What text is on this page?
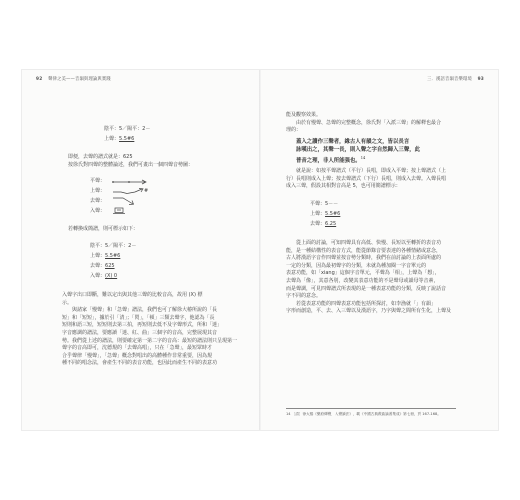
92 聲律之美——音韻與理論與實踐
陰平：5／陽平：2－
上聲：5.5#6
即便，去聲的譜式就是：625
按徐氏對四聲的整體論述，我們可畫出一個四聲音勢圖：
平聲：
上聲：	#
去聲：
入聲：
若轉換成簡譜，則可標示如下：
陰平：5／陽平：2－
上聲：5.5#6
去聲：625
入聲：(X) 0
入聲字出口即斷，難以定出與其他三聲的比較音高，故用 (X) 標
示。
　　與諸家「慢聲」和「急聲」譜法，我們也可了解徐大椿所說的「長
短」和「短短」，據於引「清」；「閃」，「頓」三類去聲字，他認為「長
短則和語三短，短短則去第三拍，再短則去低不及字聲形式，所和「迷」
字音應調的譜法，要應讀「迷、紅、曲」三個字的音高，完整展現其音
勢。我們從上述的譜法，則要確定第一第二字的音高：最短的譜法則只呈現第一
聲字的音高即可，沈德規的「去聲高唱」，只在「急聲」，最短眾時才
合乎聲律「慢聲」，「急聲」概念對唱出的高體種作非常重要，因為規
種不同的唱念法，會產生不同的表音功能，也因此而產生不同的表意功
三．漢語音韻音樂環境 93
能及觀察效果。
　　由於有慢聲、急聲的完整概念，徐氏對「入派三聲」的解釋也最合
理的：
蓋入之讀作三聲者，緣古人有韻之文，皆以長言
詠嘆出之，其聲一長，則入聲之字自然歸入三聲，此
普音之理，非人所能强也。$^{14}$
　　就是說：如按平聲譜式（平行）長唱，即成入平聲；按上聲譜式（上
行）長唱則成入上聲；按去聲譜式（下行）長唱，則成入去聲。入聲長唱
成入三聲，假設其相對音高是 5，也可用簡譜標示：
平聲：5－－
上聲：5.5#6
去聲：6.25
　　從上面的討論，可知四聲具有高低、快慢、長短以至轉折的表音功
能，是一種結構性的表音方式，能從節錄音要表達的各種情緒或意念，
古人將漢語字音作四聲並按音勢分類時，我們在前討論的上表面所處的
一定的分類，因為最初聲字的分類，未就為種加閱一字音單元的
表意功能，如「xiang」這個字音單元，平聲為「相」，上聲為「想」，
去聲為「像」，其意各別，改變其表意功能的不是聲母或韻母等音素，
而是聲調，可見四聲譜式所表現的是一種表意功能的分類，反映了說話音
字不同的意念。
　　若從表意功能的四聲表意功能包括所探討，如李漁就「」有韻」
字形而創造，平、去、入三聲以及漢語字，乃字與聲之間所有生化，上聲及
14 ［清］徐大椿《樂府傳聲．入聲讀法》，載《中國古典戲曲論著集成》第七冊，頁 167-168。
